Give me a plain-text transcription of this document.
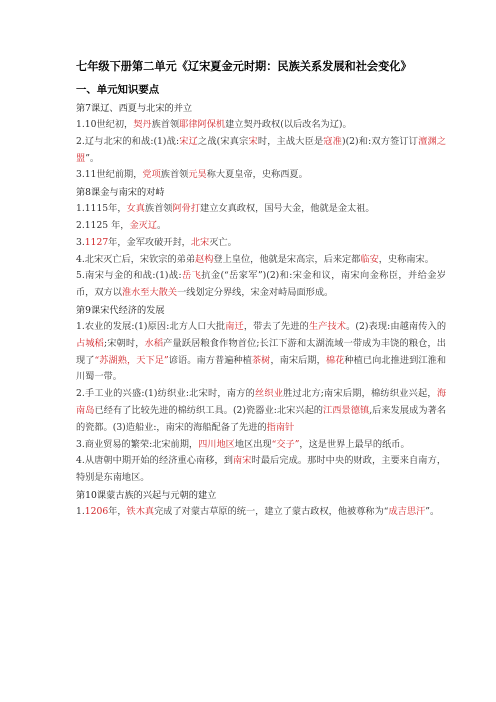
七年级下册第二单元《辽宋夏金元时期：民族关系发展和社会变化》
一、单元知识要点

第7课辽、西夏与北宋的并立

1.10世纪初，契丹族首领耶律阿保机建立契丹政权(以后改名为辽)。

2.辽与北宋的和战:(1)战:宋辽之战(宋真宗宋时，主战大臣是寇准)(2)和:双方签订订澶渊之盟”。

3.11世纪前期，党项族首领元昊称大夏皇帝，史称西夏。

第8课金与南宋的对峙

1.1115年，女真族首领阿骨打建立女真政权，国号大金，他就是金太祖。

2.1125 年，金灭辽。

3.1127年，金军攻破开封，北宋灭亡。

4.北宋灭亡后，宋钦宗的弟弟赵构登上皇位，他就是宋高宗，后来定都临安，史称南宋。

5.南宋与金的和战:(1)战:岳飞抗金(“岳家军”)(2)和:宋金和议，南宋向金称臣，并给金岁币，双方以淮水至大散关一线划定分界线，宋金对峙局面形成。

第9课宋代经济的发展

1.农业的发展:(1)原因:北方人口大批南迁，带去了先进的生产技术。(2)表现:由越南传入的占城稻;宋朝时，水稻产量跃居粮食作物首位;长江下游和太湖流域一带成为丰饶的粮仓，出现了“苏湖熟，天下足”谚语。南方普遍种植茶树，南宋后期，棉花种植已向北推进到江淮和川蜀一带。

2.手工业的兴盛:(1)纺织业:北宋时，南方的丝织业胜过北方;南宋后期，棉纺织业兴起，海南岛已经有了比较先进的棉纺织工具。(2)瓷器业:北宋兴起的江西景德镇,后来发展成为著名的瓷都。(3)造船业:，南宋的海船配备了先进的指南针

3.商业贸易的繁荣:北宋前期，四川地区地区出现“交子”，这是世界上最早的纸币。

4.从唐朝中期开始的经济重心南移，到南宋时最后完成。那时中央的财政，主要来自南方，特别是东南地区。

第10课蒙古族的兴起与元朝的建立

1.1206年，铁木真完成了对蒙古草原的统一，建立了蒙古政权，他被尊称为“成吉思汗”。
